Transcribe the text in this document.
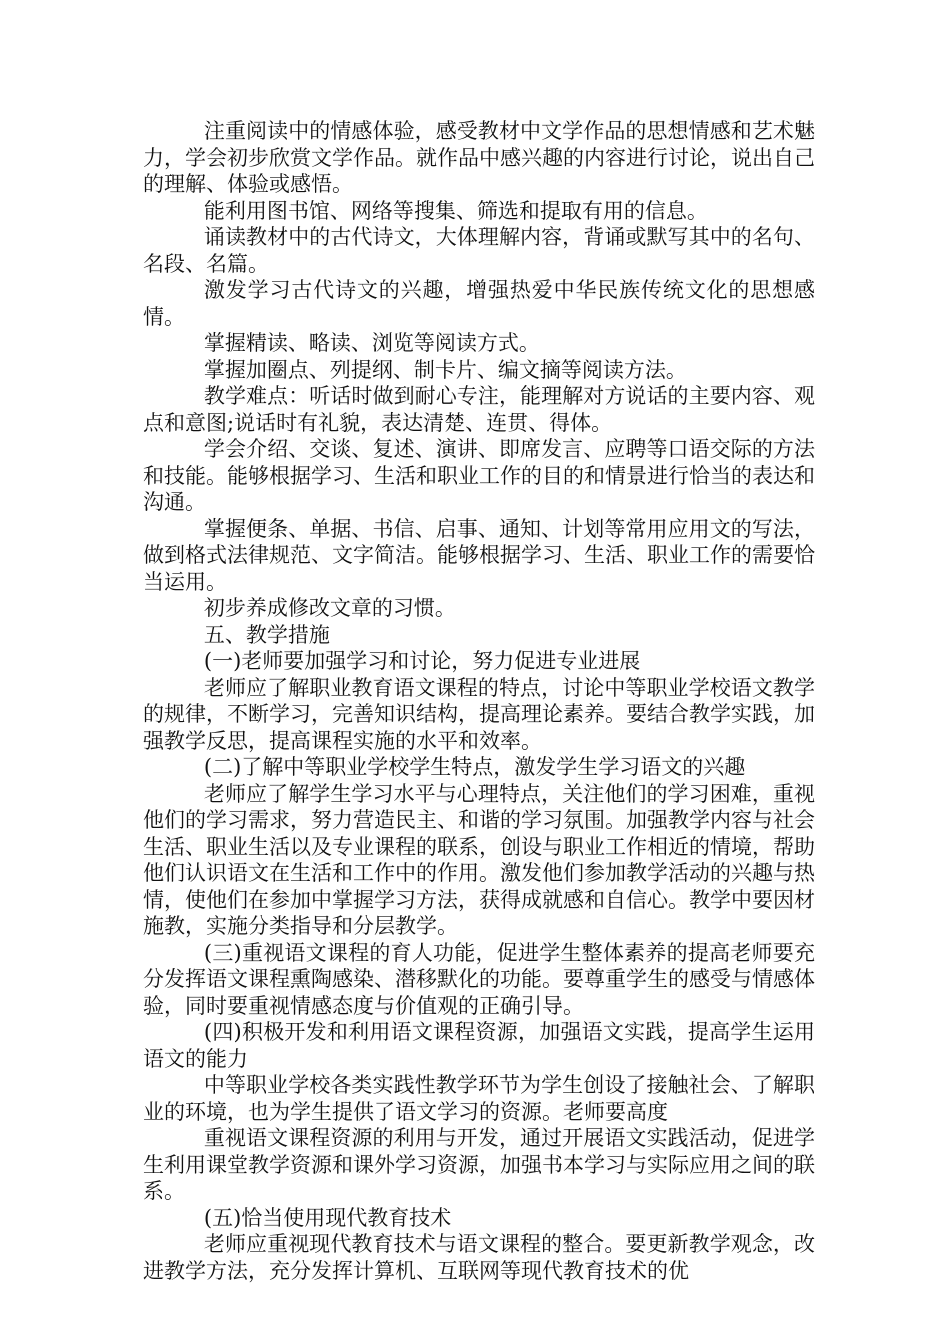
注重阅读中的情感体验，感受教材中文学作品的思想情感和艺术魅力，学会初步欣赏文学作品。就作品中感兴趣的内容进行讨论，说出自己的理解、体验或感悟。

能利用图书馆、网络等搜集、筛选和提取有用的信息。

诵读教材中的古代诗文，大体理解内容，背诵或默写其中的名句、名段、名篇。

激发学习古代诗文的兴趣，增强热爱中华民族传统文化的思想感情。

掌握精读、略读、浏览等阅读方式。

掌握加圈点、列提纲、制卡片、编文摘等阅读方法。

教学难点：听话时做到耐心专注，能理解对方说话的主要内容、观点和意图;说话时有礼貌，表达清楚、连贯、得体。

学会介绍、交谈、复述、演讲、即席发言、应聘等口语交际的方法和技能。能够根据学习、生活和职业工作的目的和情景进行恰当的表达和沟通。

掌握便条、单据、书信、启事、通知、计划等常用应用文的写法，做到格式法律规范、文字简洁。能够根据学习、生活、职业工作的需要恰当运用。

初步养成修改文章的习惯。

五、教学措施

(一)老师要加强学习和讨论，努力促进专业进展

老师应了解职业教育语文课程的特点，讨论中等职业学校语文教学的规律，不断学习，完善知识结构，提高理论素养。要结合教学实践，加强教学反思，提高课程实施的水平和效率。

(二)了解中等职业学校学生特点，激发学生学习语文的兴趣

老师应了解学生学习水平与心理特点，关注他们的学习困难，重视他们的学习需求，努力营造民主、和谐的学习氛围。加强教学内容与社会生活、职业生活以及专业课程的联系，创设与职业工作相近的情境，帮助他们认识语文在生活和工作中的作用。激发他们参加教学活动的兴趣与热情，使他们在参加中掌握学习方法，获得成就感和自信心。教学中要因材施教，实施分类指导和分层教学。

(三)重视语文课程的育人功能，促进学生整体素养的提高老师要充分发挥语文课程熏陶感染、潜移默化的功能。要尊重学生的感受与情感体验，同时要重视情感态度与价值观的正确引导。

(四)积极开发和利用语文课程资源，加强语文实践，提高学生运用语文的能力

中等职业学校各类实践性教学环节为学生创设了接触社会、了解职业的环境，也为学生提供了语文学习的资源。老师要高度

重视语文课程资源的利用与开发，通过开展语文实践活动，促进学生利用课堂教学资源和课外学习资源，加强书本学习与实际应用之间的联系。

(五)恰当使用现代教育技术

老师应重视现代教育技术与语文课程的整合。要更新教学观念，改进教学方法，充分发挥计算机、互联网等现代教育技术的优
